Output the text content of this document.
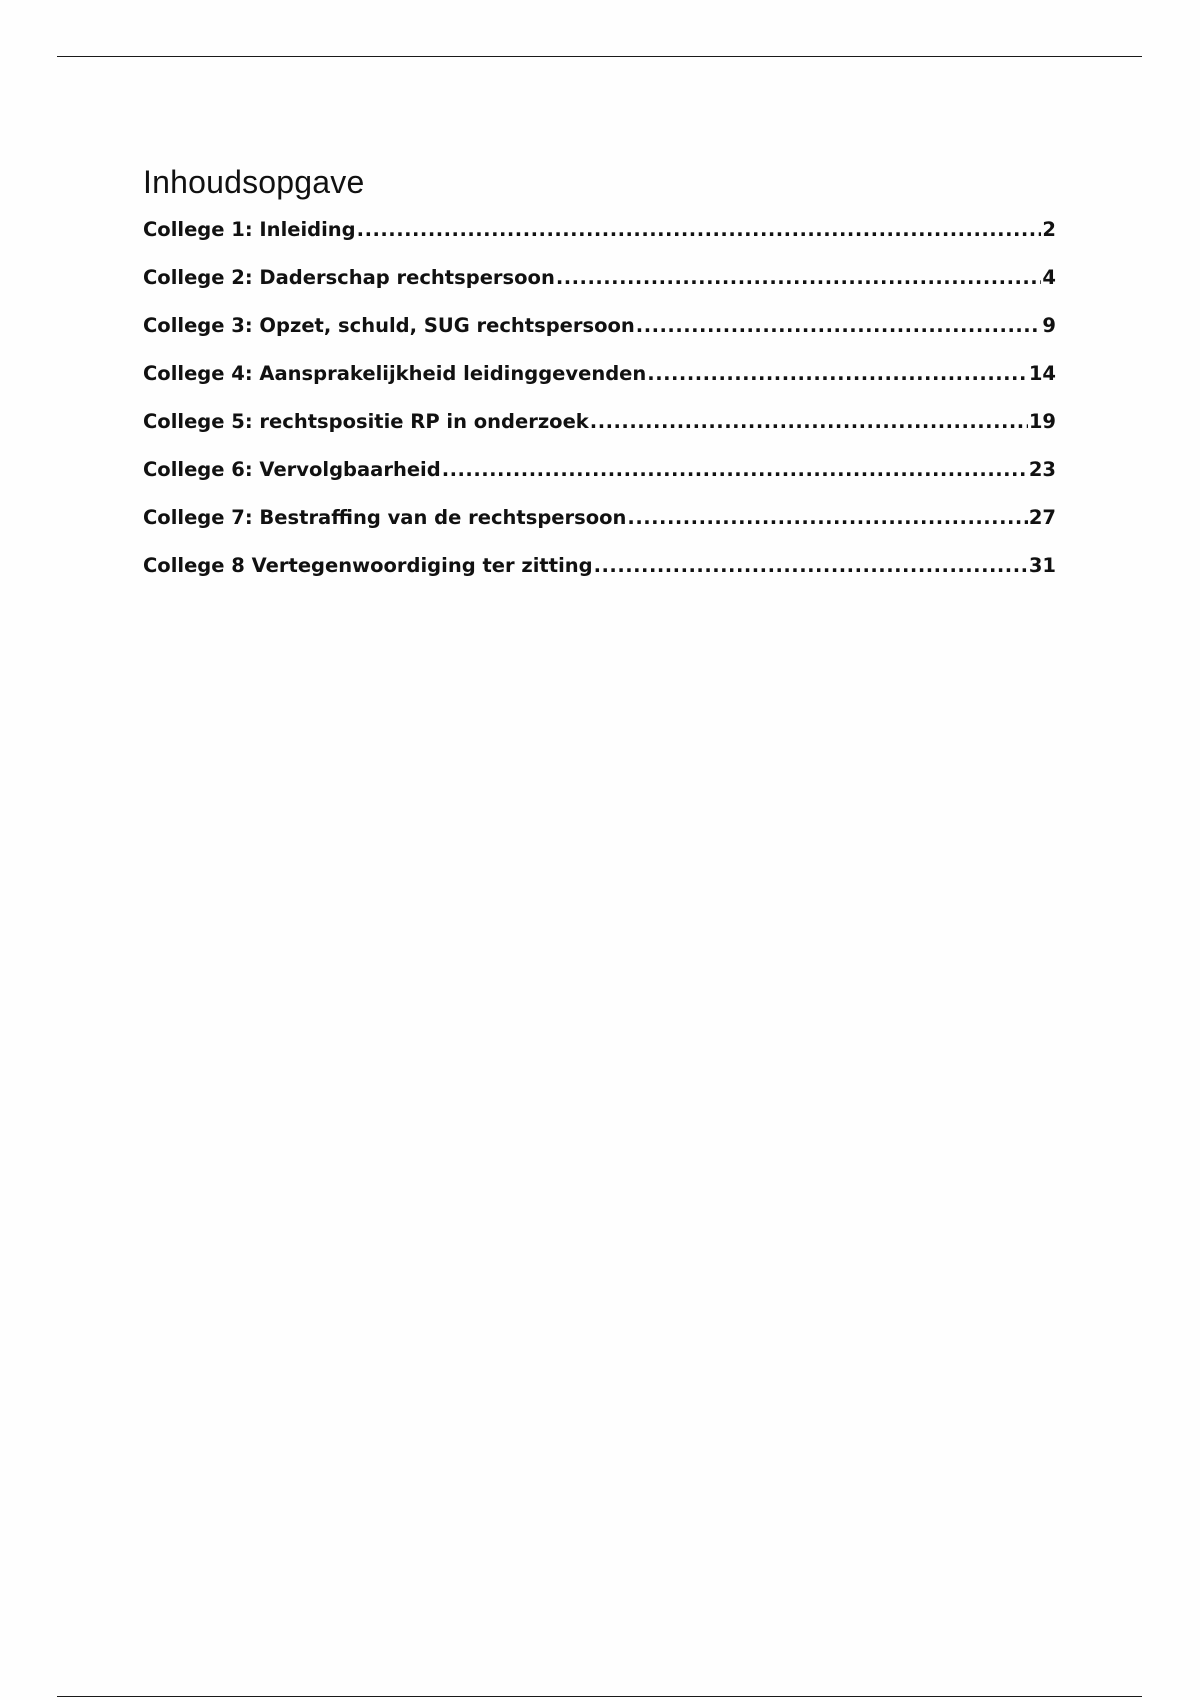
Inhoudsopgave
College 1: Inleiding .....	2
College 2: Daderschap rechtspersoon .....	4
College 3: Opzet, schuld, SUG rechtspersoon .....	9
College 4: Aansprakelijkheid leidinggevenden .....	14
College 5: rechtspositie RP in onderzoek .....	19
College 6: Vervolgbaarheid .....	23
College 7: Bestraffing van de rechtspersoon .....	27
College 8 Vertegenwoordiging ter zitting .....	31
